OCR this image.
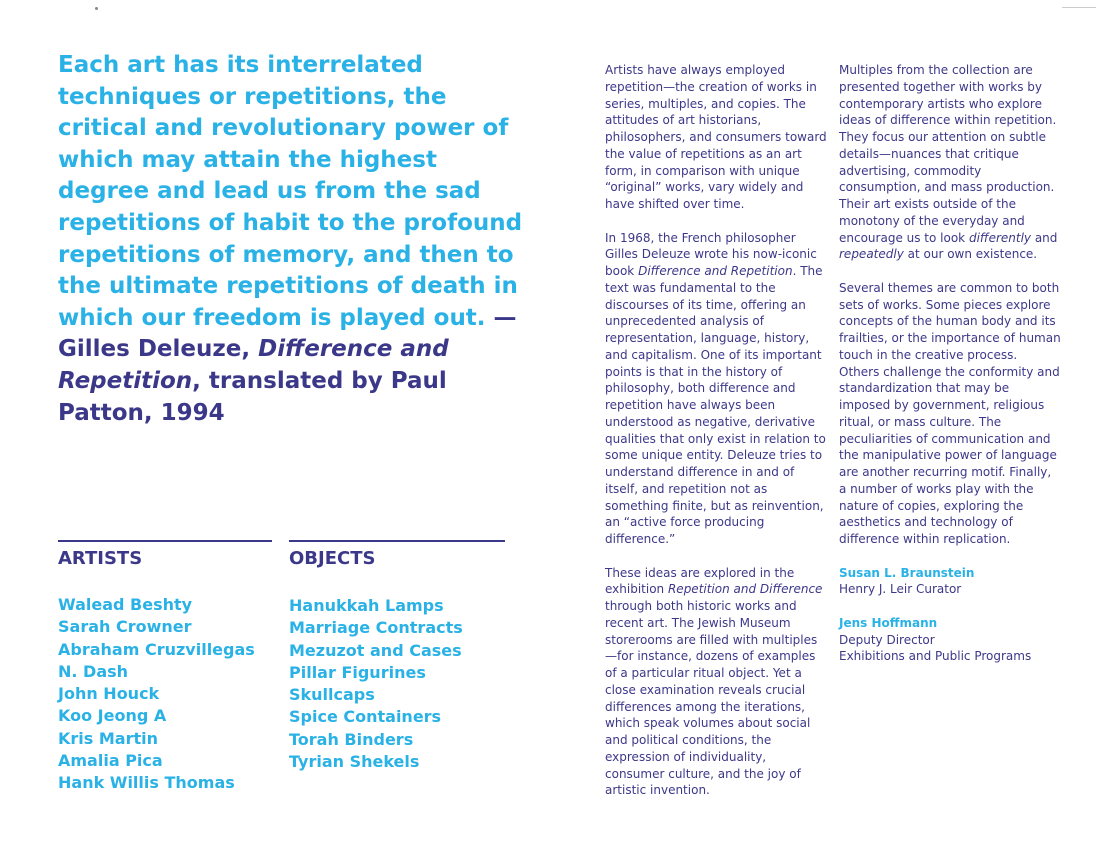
Each art has its interrelated techniques or repetitions, the critical and revolutionary power of which may attain the highest degree and lead us from the sad repetitions of habit to the profound repetitions of memory, and then to the ultimate repetitions of death in which our freedom is played out. — Gilles Deleuze, Difference and Repetition, translated by Paul Patton, 1994

ARTISTS	OBJECTS
Walead Beshty
Sarah Crowner
Abraham Cruzvillegas
N. Dash
John Houck
Koo Jeong A
Kris Martin
Amalia Pica
Hank Willis Thomas
Hanukkah Lamps
Marriage Contracts
Mezuzot and Cases
Pillar Figurines
Skullcaps
Spice Containers
Torah Binders
Tyrian Shekels

Artists have always employed repetition—the creation of works in series, multiples, and copies. The attitudes of art historians, philosophers, and consumers toward the value of repetitions as an art form, in comparison with unique “original” works, vary widely and have shifted over time.

In 1968, the French philosopher Gilles Deleuze wrote his now-iconic book Difference and Repetition. The text was fundamental to the discourses of its time, offering an unprecedented analysis of representation, language, history, and capitalism. One of its important points is that in the history of philosophy, both difference and repetition have always been understood as negative, derivative qualities that only exist in relation to some unique entity. Deleuze tries to understand difference in and of itself, and repetition not as something finite, but as reinvention, an “active force producing difference.”

These ideas are explored in the exhibition Repetition and Difference through both historic works and recent art. The Jewish Museum storerooms are filled with multiples—for instance, dozens of examples of a particular ritual object. Yet a close examination reveals crucial differences among the iterations, which speak volumes about social and political conditions, the expression of individuality, consumer culture, and the joy of artistic invention.

Multiples from the collection are presented together with works by contemporary artists who explore ideas of difference within repetition. They focus our attention on subtle details—nuances that critique advertising, commodity consumption, and mass production. Their art exists outside of the monotony of the everyday and encourage us to look differently and repeatedly at our own existence.

Several themes are common to both sets of works. Some pieces explore concepts of the human body and its frailties, or the importance of human touch in the creative process. Others challenge the conformity and standardization that may be imposed by government, religious ritual, or mass culture. The peculiarities of communication and the manipulative power of language are another recurring motif. Finally, a number of works play with the nature of copies, exploring the aesthetics and technology of difference within replication.

Susan L. Braunstein
Henry J. Leir Curator

Jens Hoffmann
Deputy Director
Exhibitions and Public Programs
